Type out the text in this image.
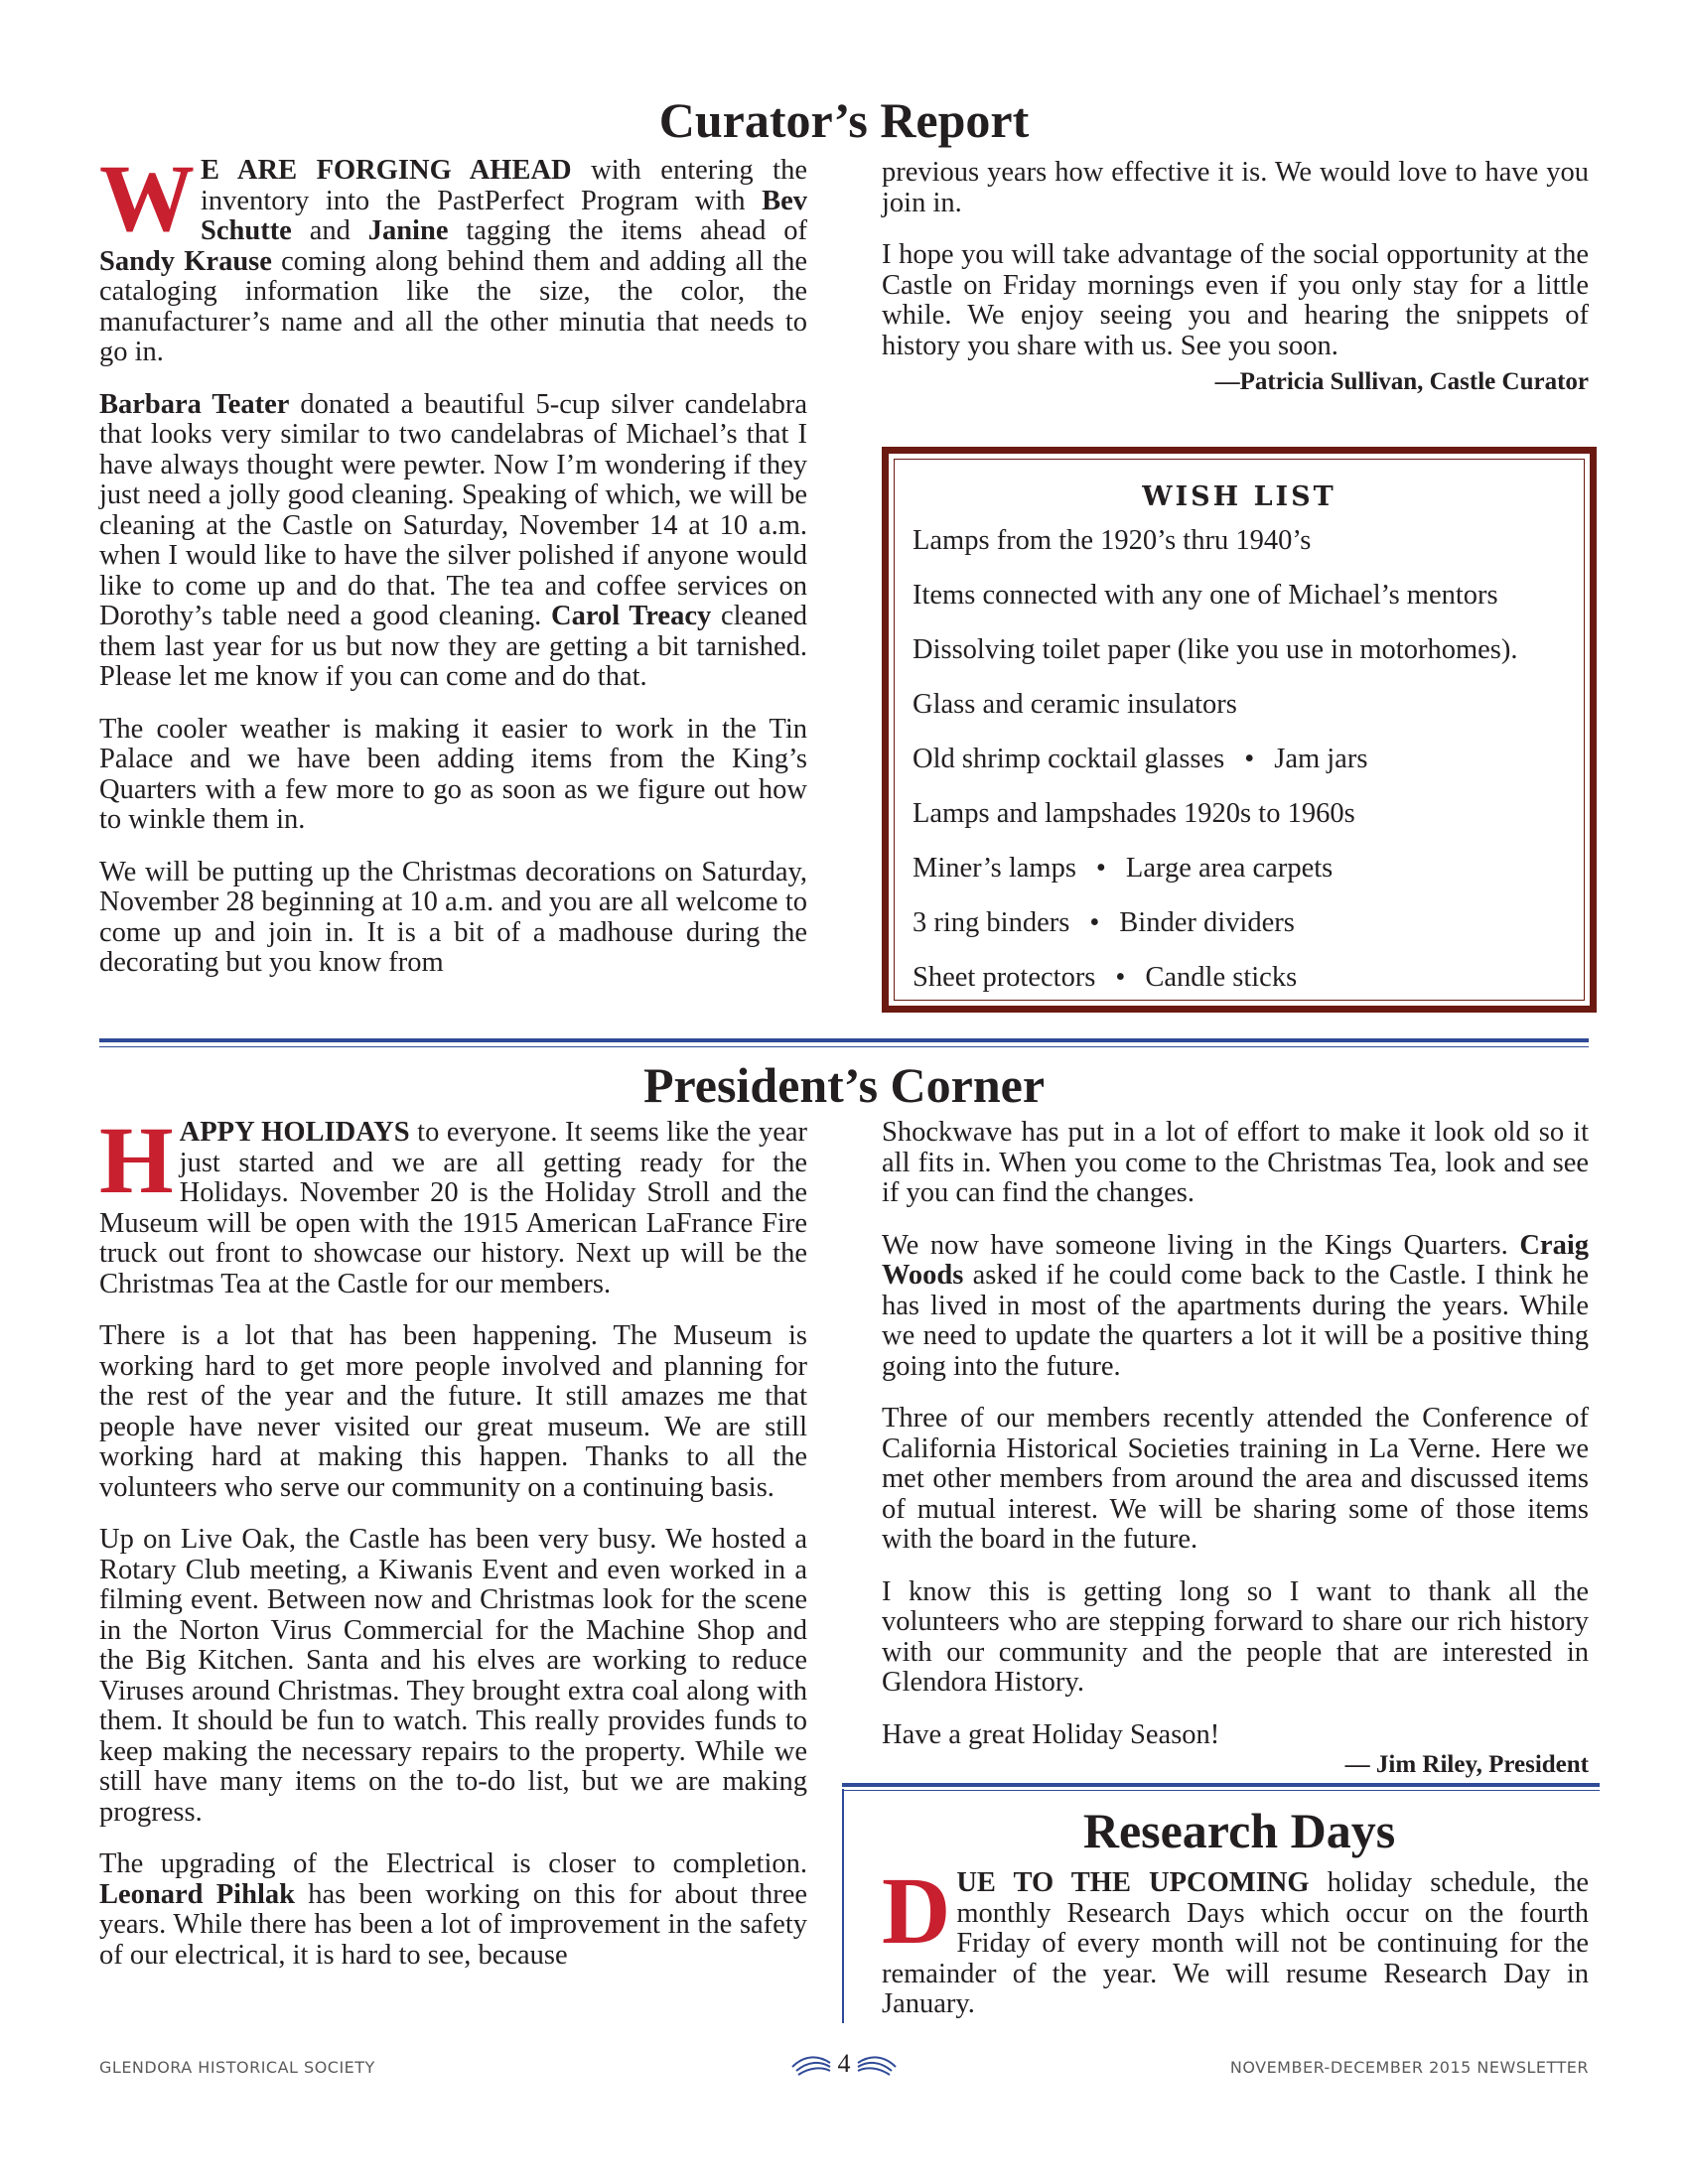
Curator’s Report

W E ARE FORGING AHEAD with entering the inventory into the PastPerfect Program with Bev Schutte and Janine tagging the items ahead of Sandy Krause coming along behind them and adding all the cataloging information like the size, the color, the manufacturer’s name and all the other minutia that needs to go in.

Barbara Teater donated a beautiful 5-cup silver candelabra that looks very similar to two candelabras of Michael’s that I have always thought were pewter. Now I’m wondering if they just need a jolly good cleaning. Speaking of which, we will be cleaning at the Castle on Saturday, November 14 at 10 a.m. when I would like to have the silver polished if anyone would like to come up and do that. The tea and coffee services on Dorothy’s table need a good cleaning. Carol Treacy cleaned them last year for us but now they are getting a bit tarnished. Please let me know if you can come and do that.

The cooler weather is making it easier to work in the Tin Palace and we have been adding items from the King’s Quarters with a few more to go as soon as we figure out how to winkle them in.

We will be putting up the Christmas decorations on Saturday, November 28 beginning at 10 a.m. and you are all welcome to come up and join in. It is a bit of a madhouse during the decorating but you know from

previous years how effective it is. We would love to have you join in.

I hope you will take advantage of the social opportunity at the Castle on Friday mornings even if you only stay for a little while. We enjoy seeing you and hearing the snippets of history you share with us. See you soon.

—Patricia Sullivan, Castle Curator
WISH LIST
Lamps from the 1920’s thru 1940’s
Items connected with any one of Michael’s mentors
Dissolving toilet paper (like you use in motorhomes).
Glass and ceramic insulators
Old shrimp cocktail glasses • Jam jars
Lamps and lampshades 1920s to 1960s
Miner’s lamps • Large area carpets
3 ring binders • Binder dividers
Sheet protectors • Candle sticks
President’s Corner

HAPPY HOLIDAYS to everyone. It seems like the year just started and we are all getting ready for the Holidays. November 20 is the Holiday Stroll and the Museum will be open with the 1915 American LaFrance Fire truck out front to showcase our history. Next up will be the Christmas Tea at the Castle for our members.

There is a lot that has been happening. The Museum is working hard to get more people involved and planning for the rest of the year and the future. It still amazes me that people have never visited our great museum. We are still working hard at making this happen. Thanks to all the volunteers who serve our community on a continuing basis.

Up on Live Oak, the Castle has been very busy. We hosted a Rotary Club meeting, a Kiwanis Event and even worked in a filming event. Between now and Christmas look for the scene in the Norton Virus Commercial for the Machine Shop and the Big Kitchen. Santa and his elves are working to reduce Viruses around Christmas. They brought extra coal along with them. It should be fun to watch. This really provides funds to keep making the necessary repairs to the property. While we still have many items on the to-do list, but we are making progress.

The upgrading of the Electrical is closer to completion. Leonard Pihlak has been working on this for about three years. While there has been a lot of improvement in the safety of our electrical, it is hard to see, because

Shockwave has put in a lot of effort to make it look old so it all fits in. When you come to the Christmas Tea, look and see if you can find the changes.

We now have someone living in the Kings Quarters. Craig Woods asked if he could come back to the Castle. I think he has lived in most of the apartments during the years. While we need to update the quarters a lot it will be a positive thing going into the future.

Three of our members recently attended the Conference of California Historical Societies training in La Verne. Here we met other members from around the area and discussed items of mutual interest. We will be sharing some of those items with the board in the future.

I know this is getting long so I want to thank all the volunteers who are stepping forward to share our rich history with our community and the people that are interested in Glendora History.

Have a great Holiday Season!

— Jim Riley, President
Research Days

DUE TO THE UPCOMING holiday schedule, the monthly Research Days which occur on the fourth Friday of every month will not be continuing for the remainder of the year. We will resume Research Day in January.

GLENDORA HISTORICAL SOCIETY	4	NOVEMBER-DECEMBER 2015 NEWSLETTER
